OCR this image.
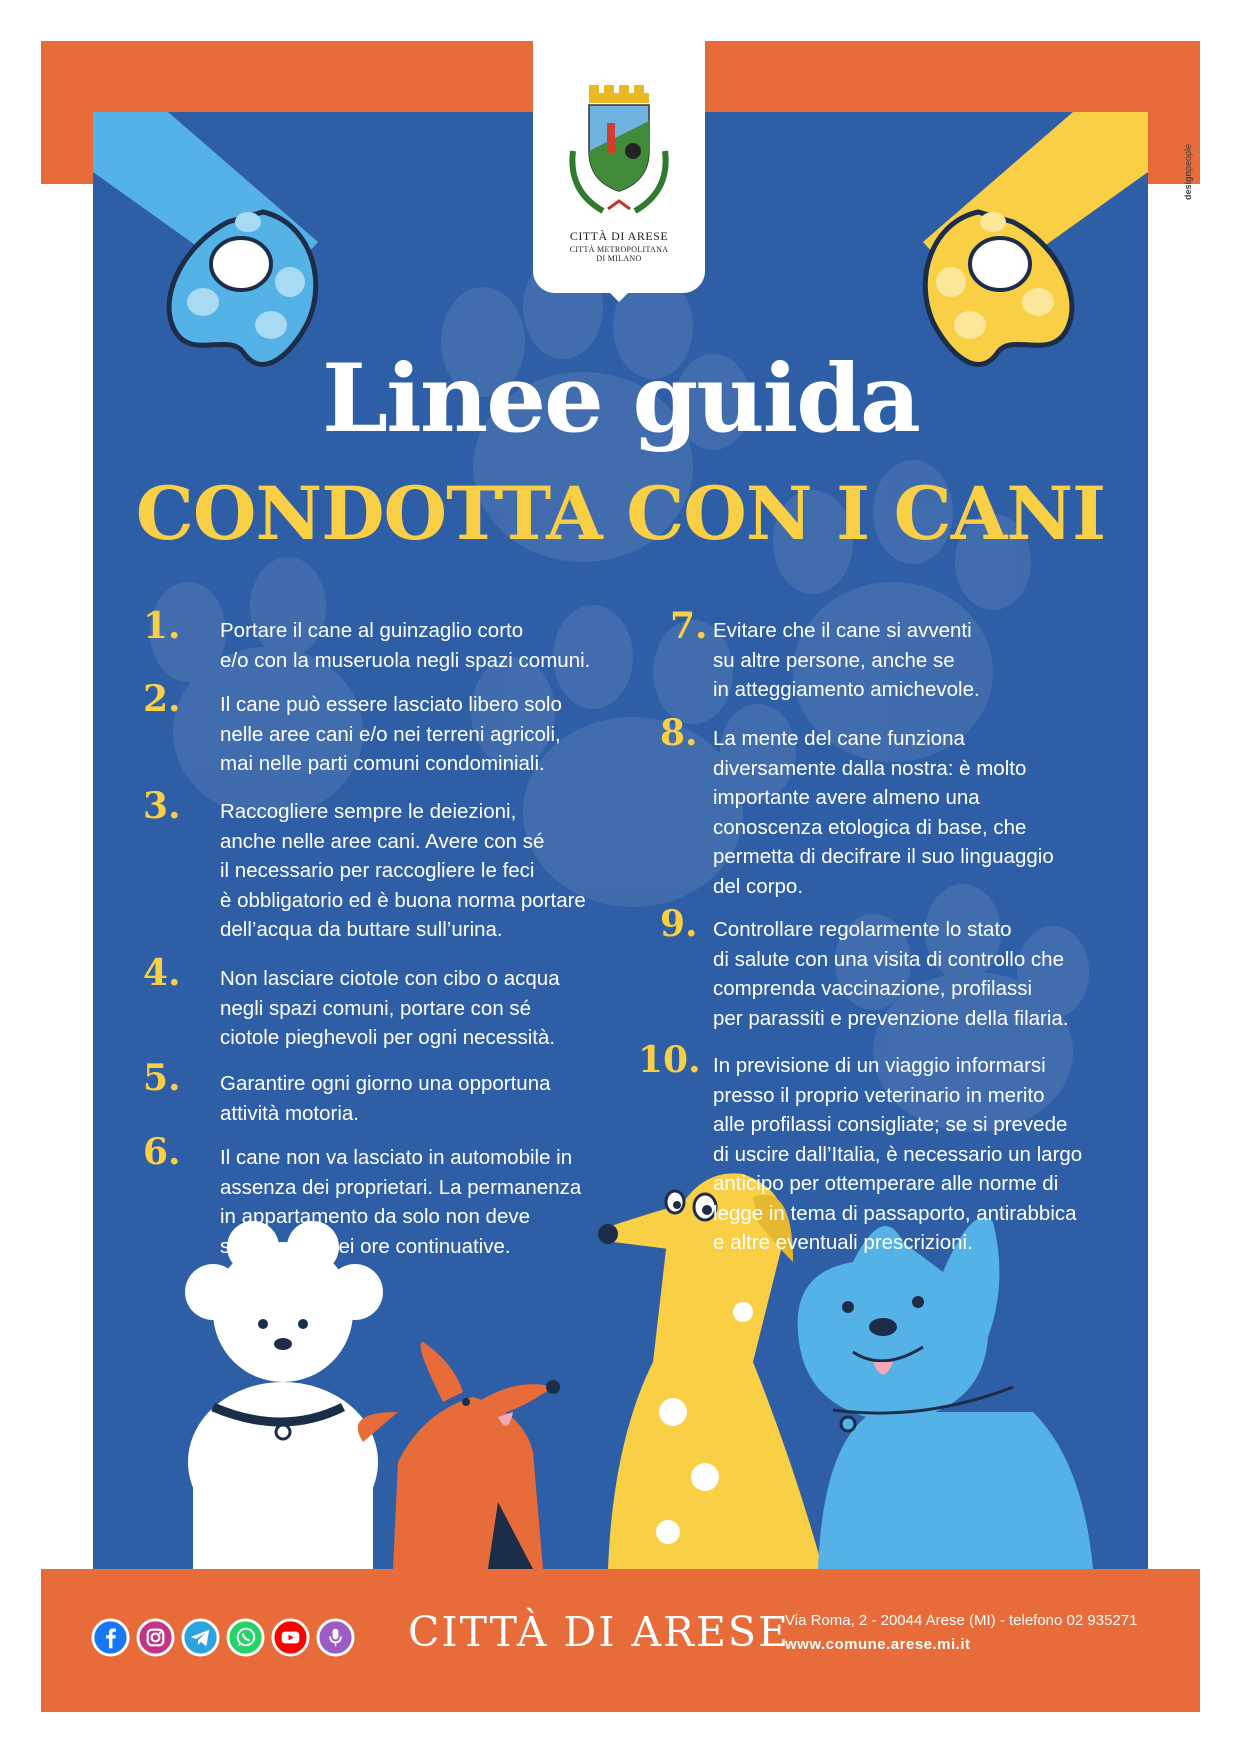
CITTÀ DI ARESE
CITTÀ METROPOLITANA
DI MILANO
designpeople
Linee guida
CONDOTTA CON I CANI
1. Portare il cane al guinzaglio corto
e/o con la museruola negli spazi comuni.
2. Il cane può essere lasciato libero solo
nelle aree cani e/o nei terreni agricoli,
mai nelle parti comuni condominiali.
3. Raccogliere sempre le deiezioni,
anche nelle aree cani. Avere con sé
il necessario per raccogliere le feci
è obbligatorio ed è buona norma portare
dell’acqua da buttare sull’urina.
4. Non lasciare ciotole con cibo o acqua
negli spazi comuni, portare con sé
ciotole pieghevoli per ogni necessità.
5. Garantire ogni giorno una opportuna
attività motoria.
6. Il cane non va lasciato in automobile in
assenza dei proprietari. La permanenza
in appartamento da solo non deve
superare le sei ore continuative.
7. Evitare che il cane si avventi
su altre persone, anche se
in atteggiamento amichevole.
8. La mente del cane funziona
diversamente dalla nostra: è molto
importante avere almeno una
conoscenza etologica di base, che
permetta di decifrare il suo linguaggio
del corpo.
9. Controllare regolarmente lo stato
di salute con una visita di controllo che
comprenda vaccinazione, profilassi
per parassiti e prevenzione della filaria.
10. In previsione di un viaggio informarsi
presso il proprio veterinario in merito
alle profilassi consigliate; se si prevede
di uscire dall’Italia, è necessario un largo
anticipo per ottemperare alle norme di
legge in tema di passaporto, antirabbica
e altre eventuali prescrizioni.
CITTÀ DI ARESE
Via Roma, 2 - 20044 Arese (MI) - telefono 02 935271
www.comune.arese.mi.it
